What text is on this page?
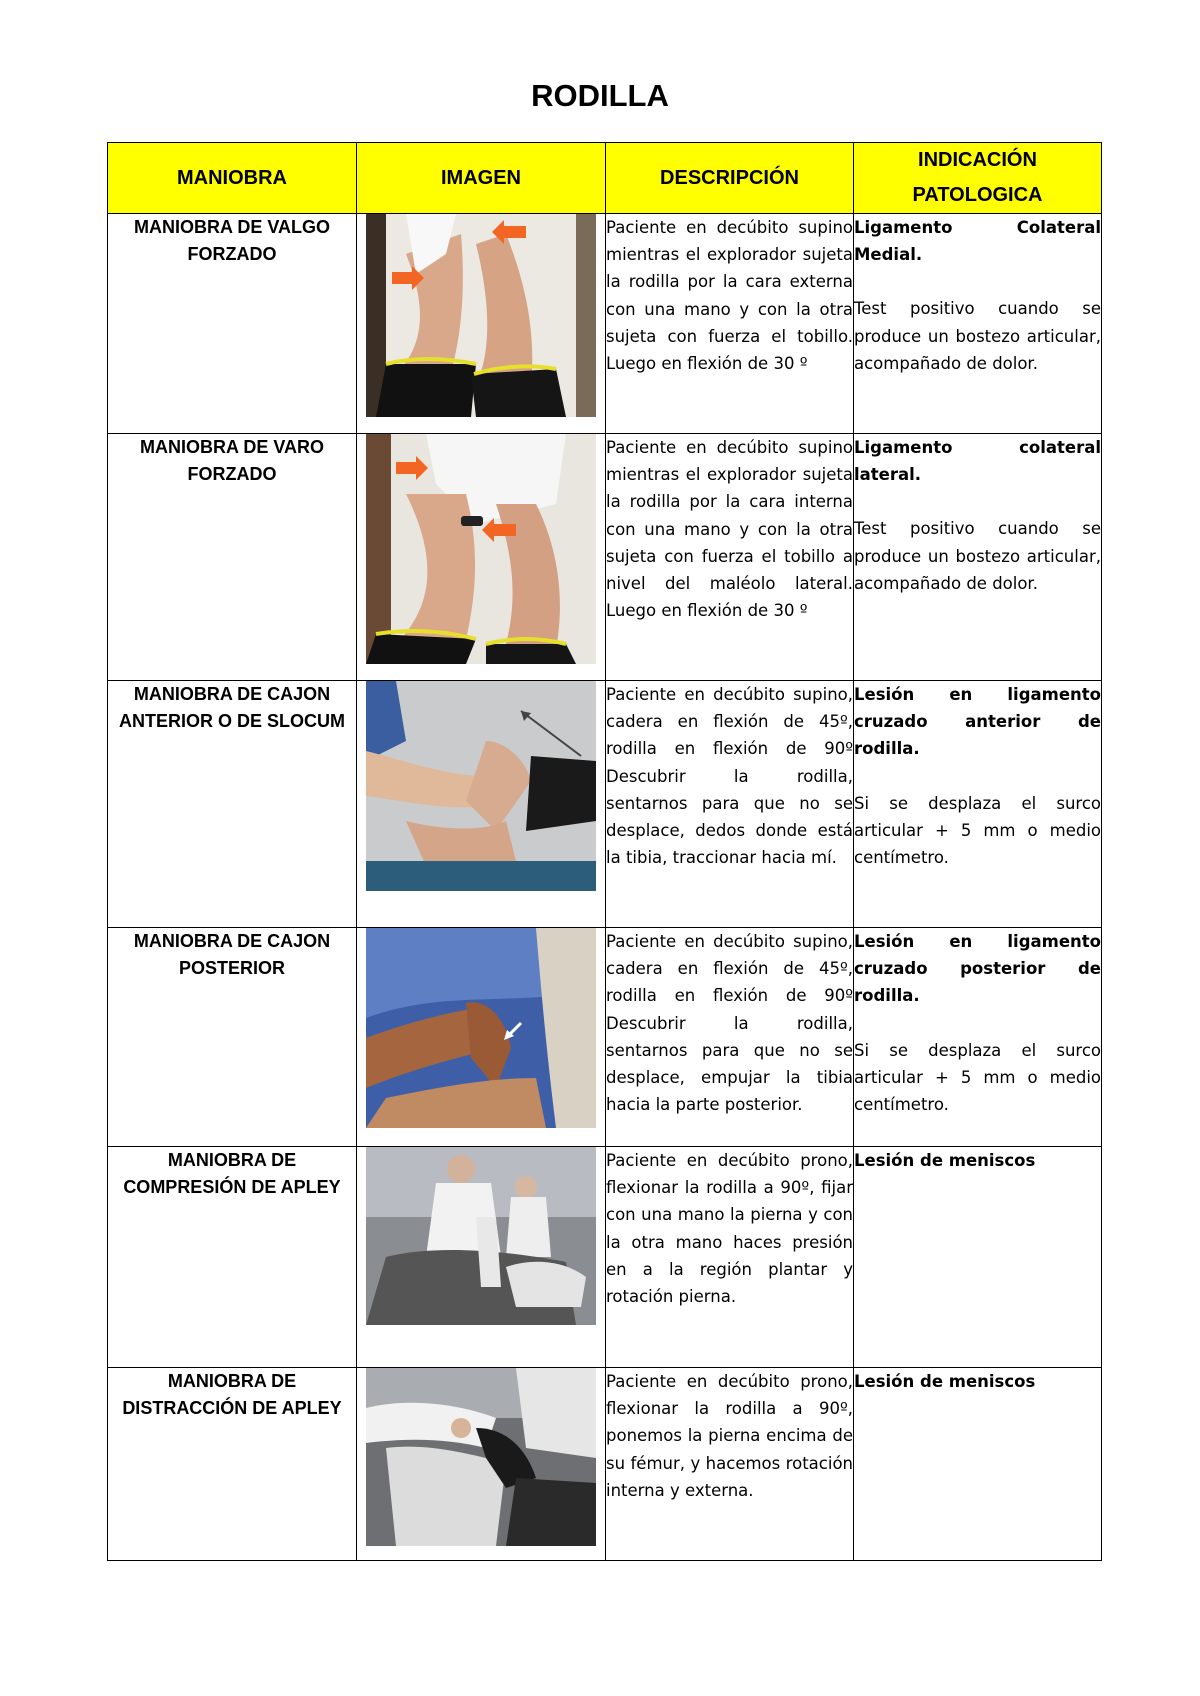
RODILLA
MANIOBRA	IMAGEN	DESCRIPCIÓN	INDICACIÓN PATOLOGICA
MANIOBRA DE VALGO FORZADO		Paciente en decúbito supino mientras el explorador sujeta la rodilla por la cara externa con una mano y con la otra sujeta con fuerza el tobillo. Luego en flexión de 30 º	Ligamento Colateral Medial.
Test positivo cuando se produce un bostezo articular, acompañado de dolor.

MANIOBRA DE VARO FORZADO		Paciente en decúbito supino mientras el explorador sujeta la rodilla por la cara interna con una mano y con la otra sujeta con fuerza el tobillo a nivel del maléolo lateral. Luego en flexión de 30 º	Ligamento colateral lateral.
Test positivo cuando se produce un bostezo articular, acompañado de dolor.

MANIOBRA DE CAJON ANTERIOR O DE SLOCUM		Paciente en decúbito supino, cadera en flexión de 45º, rodilla en flexión de 90º Descubrir la rodilla, sentarnos para que no se desplace, dedos donde está la tibia, traccionar hacia mí.	Lesión en ligamento cruzado anterior de rodilla.
Si se desplaza el surco articular + 5 mm o medio centímetro.

MANIOBRA DE CAJON POSTERIOR		Paciente en decúbito supino, cadera en flexión de 45º, rodilla en flexión de 90º Descubrir la rodilla, sentarnos para que no se desplace, empujar la tibia hacia la parte posterior.	Lesión en ligamento cruzado posterior de rodilla.
Si se desplaza el surco articular + 5 mm o medio centímetro.

MANIOBRA DE COMPRESIÓN DE APLEY		Paciente en decúbito prono, flexionar la rodilla a 90º, fijar con una mano la pierna y con la otra mano haces presión en a la región plantar y rotación pierna.	Lesión de meniscos

MANIOBRA DE DISTRACCIÓN DE APLEY		Paciente en decúbito prono, flexionar la rodilla a 90º, ponemos la pierna encima de su fémur, y hacemos rotación interna y externa.	Lesión de meniscos
